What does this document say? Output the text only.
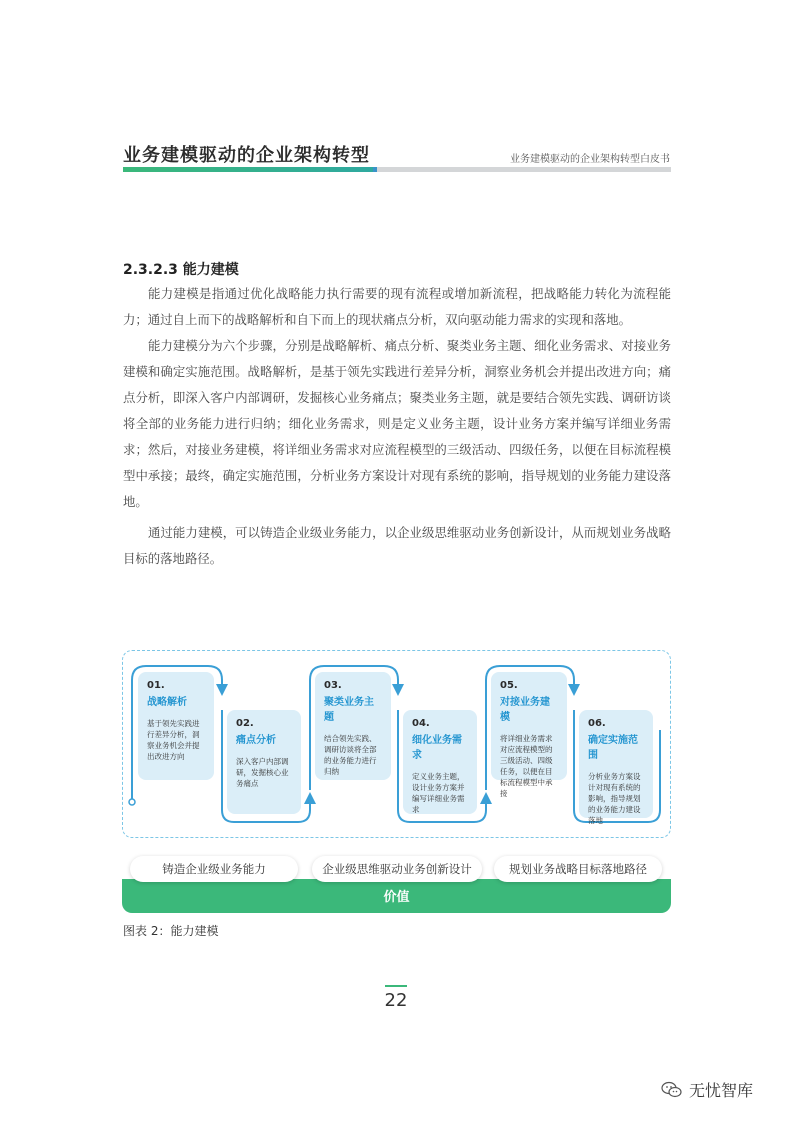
业务建模驱动的企业架构转型	业务建模驱动的企业架构转型白皮书
2.3.2.3 能力建模
能力建模是指通过优化战略能力执行需要的现有流程或增加新流程，把战略能力转化为流程能力；通过自上而下的战略解析和自下而上的现状痛点分析，双向驱动能力需求的实现和落地。
能力建模分为六个步骤，分别是战略解析、痛点分析、聚类业务主题、细化业务需求、对接业务建模和确定实施范围。战略解析，是基于领先实践进行差异分析，洞察业务机会并提出改进方向；痛点分析，即深入客户内部调研，发掘核心业务痛点；聚类业务主题，就是要结合领先实践、调研访谈将全部的业务能力进行归纳；细化业务需求，则是定义业务主题，设计业务方案并编写详细业务需求；然后，对接业务建模，将详细业务需求对应流程模型的三级活动、四级任务，以便在目标流程模型中承接；最终，确定实施范围，分析业务方案设计对现有系统的影响，指导规划的业务能力建设落地。
通过能力建模，可以铸造企业级业务能力，以企业级思维驱动业务创新设计，从而规划业务战略目标的落地路径。
01.
战略解析
基于领先实践进行差异分析，洞察业务机会并提出改进方向
02.
痛点分析
深入客户内部调研，发掘核心业务痛点
03.
聚类业务主题
结合领先实践、调研访谈将全部的业务能力进行归纳
04.
细化业务需求
定义业务主题，设计业务方案并编写详细业务需求
05.
对接业务建模
将详细业务需求对应流程模型的三级活动、四级任务，以便在目标流程模型中承接
06.
确定实施范围
分析业务方案设计对现有系统的影响，指导规划的业务能力建设落地
价值
铸造企业级业务能力	企业级思维驱动业务创新设计	规划业务战略目标落地路径
图表 2：能力建模
22
无忧智库
